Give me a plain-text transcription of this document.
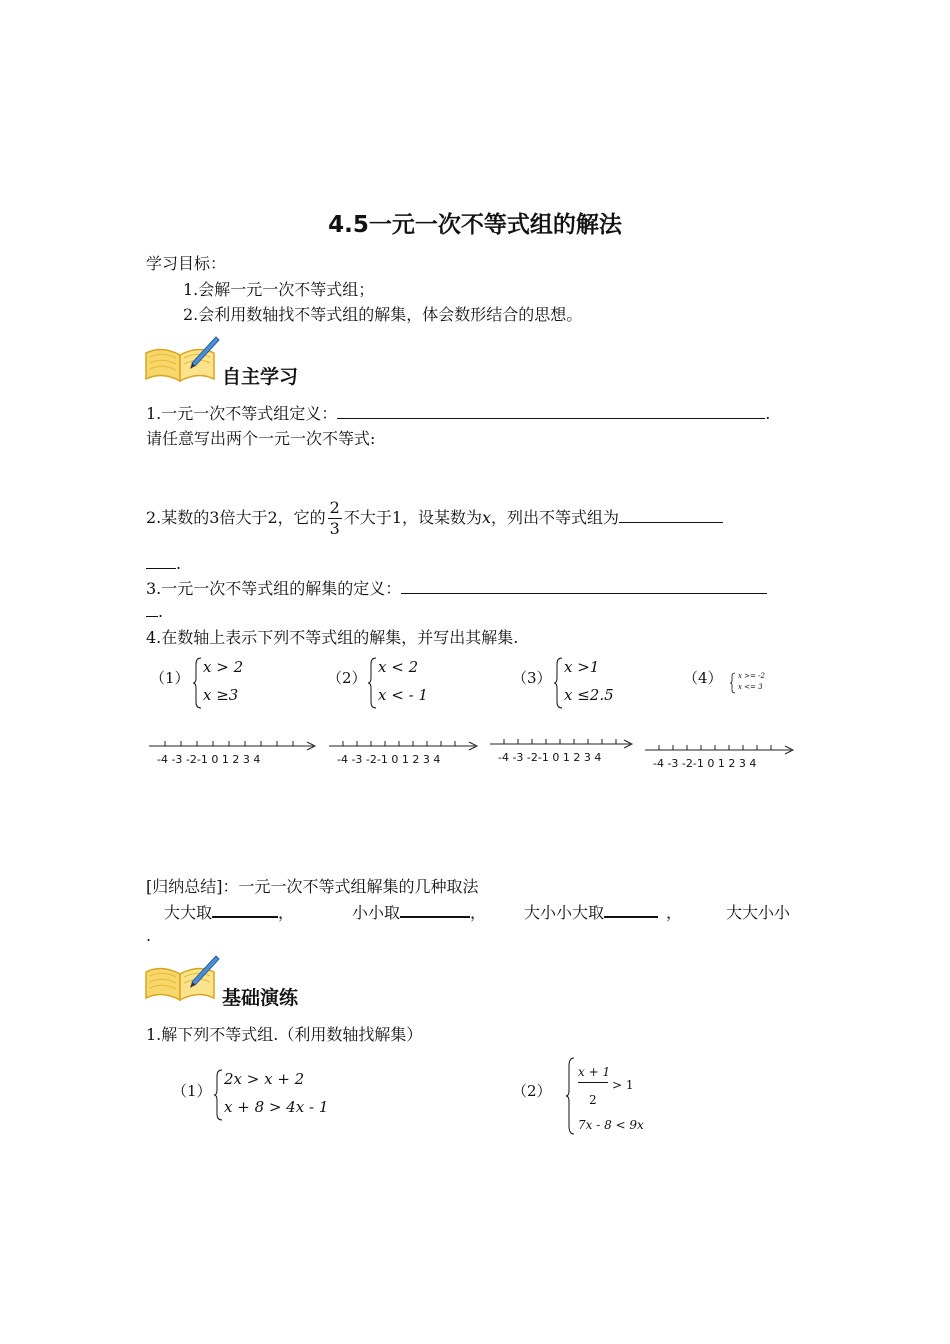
4.5一元一次不等式组的解法
学习目标：
1.会解一元一次不等式组；
2.会利用数轴找不等式组的解集，体会数形结合的思想。
自主学习
1.一元一次不等式组定义：	.
请任意写出两个一元一次不等式:
2.某数的3倍大于2，它的 $\frac{2}{3}$ 不大于1，设某数为x，列出不等式组为
.
3.一元一次不等式组的解集的定义：
.
4.在数轴上表示下列不等式组的解集，并写出其解集.
（1）
x > 2
x ≥3
（2）
x < 2
x < - 1
（3）
x >1
x ≤2.5
（4） x >= -2
x <= 3
-4 -3 -2-1 0 1 2 3 4	-4 -3 -2-1 0 1 2 3 4	-4 -3 -2-1 0 1 2 3 4	-4 -3 -2-1 0 1 2 3 4
[归纳总结]：一元一次不等式组解集的几种取法
大大取	，	小小取	， 大小小大取	，	大大小小
.
基础演练
1.解下列不等式组.（利用数轴找解集）
（1）
2x > x + 2
x + 8 > 4x - 1
（2）
x + 1
2
> 1
7x - 8 < 9x
